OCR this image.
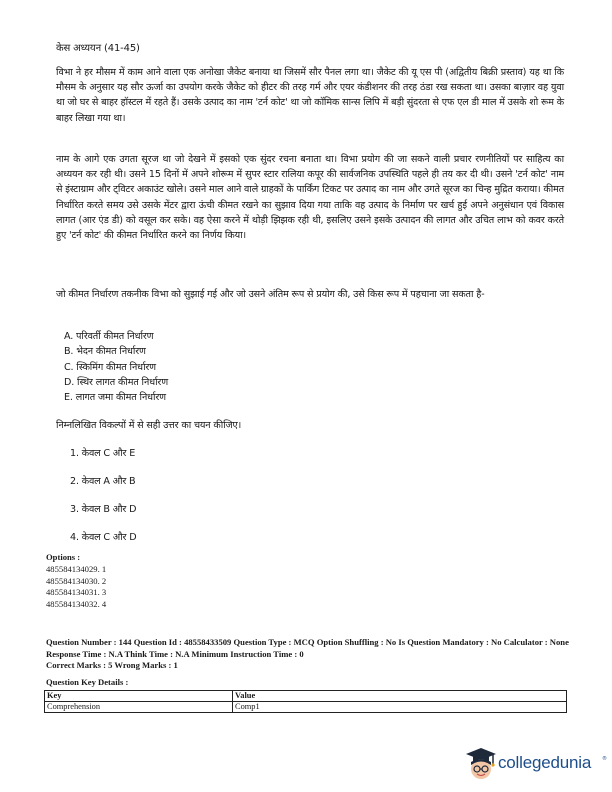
केस अध्ययन (41-45)

विभा ने हर मौसम में काम आने वाला एक अनोखा जैकेट बनाया था जिसमें सौर पैनल लगा था। जैकेट की यू एस पी (अद्वितीय बिक्री प्रस्ताव) यह था कि मौसम के अनुसार यह सौर ऊर्जा का उपयोग करके जैकेट को हीटर की तरह गर्म और एयर कंडीशनर की तरह ठंडा रख सकता था। उसका बाज़ार वह युवा था जो घर से बाहर हॉस्टल में रहते हैं। उसके उत्पाद का नाम 'टर्न कोट' था जो कॉमिक सान्स लिपि में बड़ी सुंदरता से एफ एल डी माल में उसके शो रूम के बाहर लिखा गया था।

नाम के आगे एक उगता सूरज था जो देखने में इसको एक सुंदर रचना बनाता था। विभा प्रयोग की जा सकने वाली प्रचार रणनीतियों पर साहित्य का अध्ययन कर रही थी। उसने 15 दिनों में अपने शोरूम में सुपर स्टार रालिया कपूर की सार्वजनिक उपस्थिति पहले ही तय कर दी थी। उसने 'टर्न कोट' नाम से इंस्टाग्राम और ट्विटर अकाउंट खोले। उसने माल आने वाले ग्राहकों के पार्किंग टिकट पर उत्पाद का नाम और उगते सूरज का चिन्ह मुद्रित कराया। कीमत निर्धारित करते समय उसे उसके मेंटर द्वारा ऊंची कीमत रखने का सुझाव दिया गया ताकि वह उत्पाद के निर्माण पर खर्च हुई अपने अनुसंधान एवं विकास लागत (आर एंड डी) को वसूल कर सके। वह ऐसा करने में थोड़ी झिझक रही थी, इसलिए उसने इसके उत्पादन की लागत और उचित लाभ को कवर करते हुए 'टर्न कोट' की कीमत निर्धारित करने का निर्णय किया।

जो कीमत निर्धारण तकनीक विभा को सुझाई गई और जो उसने अंतिम रूप से प्रयोग की, उसे किस रूप में पहचाना जा सकता है-

A. परिवर्ती कीमत निर्धारण
B. भेदन कीमत निर्धारण
C. स्किमिंग कीमत निर्धारण
D. स्थिर लागत कीमत निर्धारण
E. लागत जमा कीमत निर्धारण
निम्नलिखित विकल्पों में से सही उत्तर का चयन कीजिए।
1. केवल C और E
2. केवल A और B
3. केवल B और D
4. केवल C और D
Options :
485584134029. 1
485584134030. 2
485584134031. 3
485584134032. 4
Question Number : 144 Question Id : 48558433509 Question Type : MCQ Option Shuffling : No Is Question Mandatory : No Calculator : None Response Time : N.A Think Time : N.A Minimum Instruction Time : 0
Correct Marks : 5 Wrong Marks : 1
Question Key Details :
Key	Value
Comprehension	Comp1
collegedunia ®
